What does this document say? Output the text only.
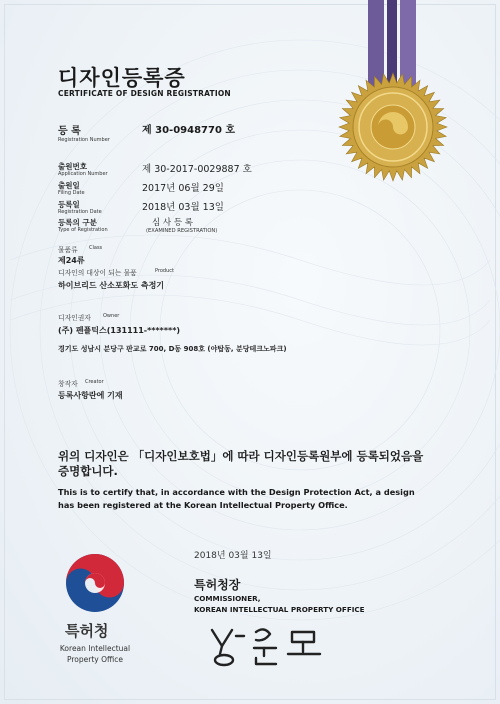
디자인등록증
CERTIFICATE OF DESIGN REGISTRATION
등 록
Registration Number
제 30-0948770 호
출원번호
Application Number	제 30-2017-0029887 호
출원일
Filing Date	2017년 06월 29일
등록일
Registration Date	2018년 03월 13일
등록의 구분
Type of Registration
심 사 등 록
(EXAMINED REGISTRATION)
물품류 Class
제24류
디자인의 대상이 되는 물품	Product
하이브리드 산소포화도 측정기
디자인권자 Owner
(주) 펜플틱스(131111-*******)
경기도 성남시 분당구 판교로 700, D동 908호 (야탑동, 분당테크노파크)
창작자 Creator
등록사항란에 기재
위의 디자인은 「디자인보호법」에 따라 디자인등록원부에 등록되었음을
증명합니다.
This is to certify that, in accordance with the Design Protection Act, a design
has been registered at the Korean Intellectual Property Office.
2018년 03월 13일
특허청
Korean Intellectual Property Office
특허청장
COMMISSIONER,
KOREAN INTELLECTUAL PROPERTY OFFICE
